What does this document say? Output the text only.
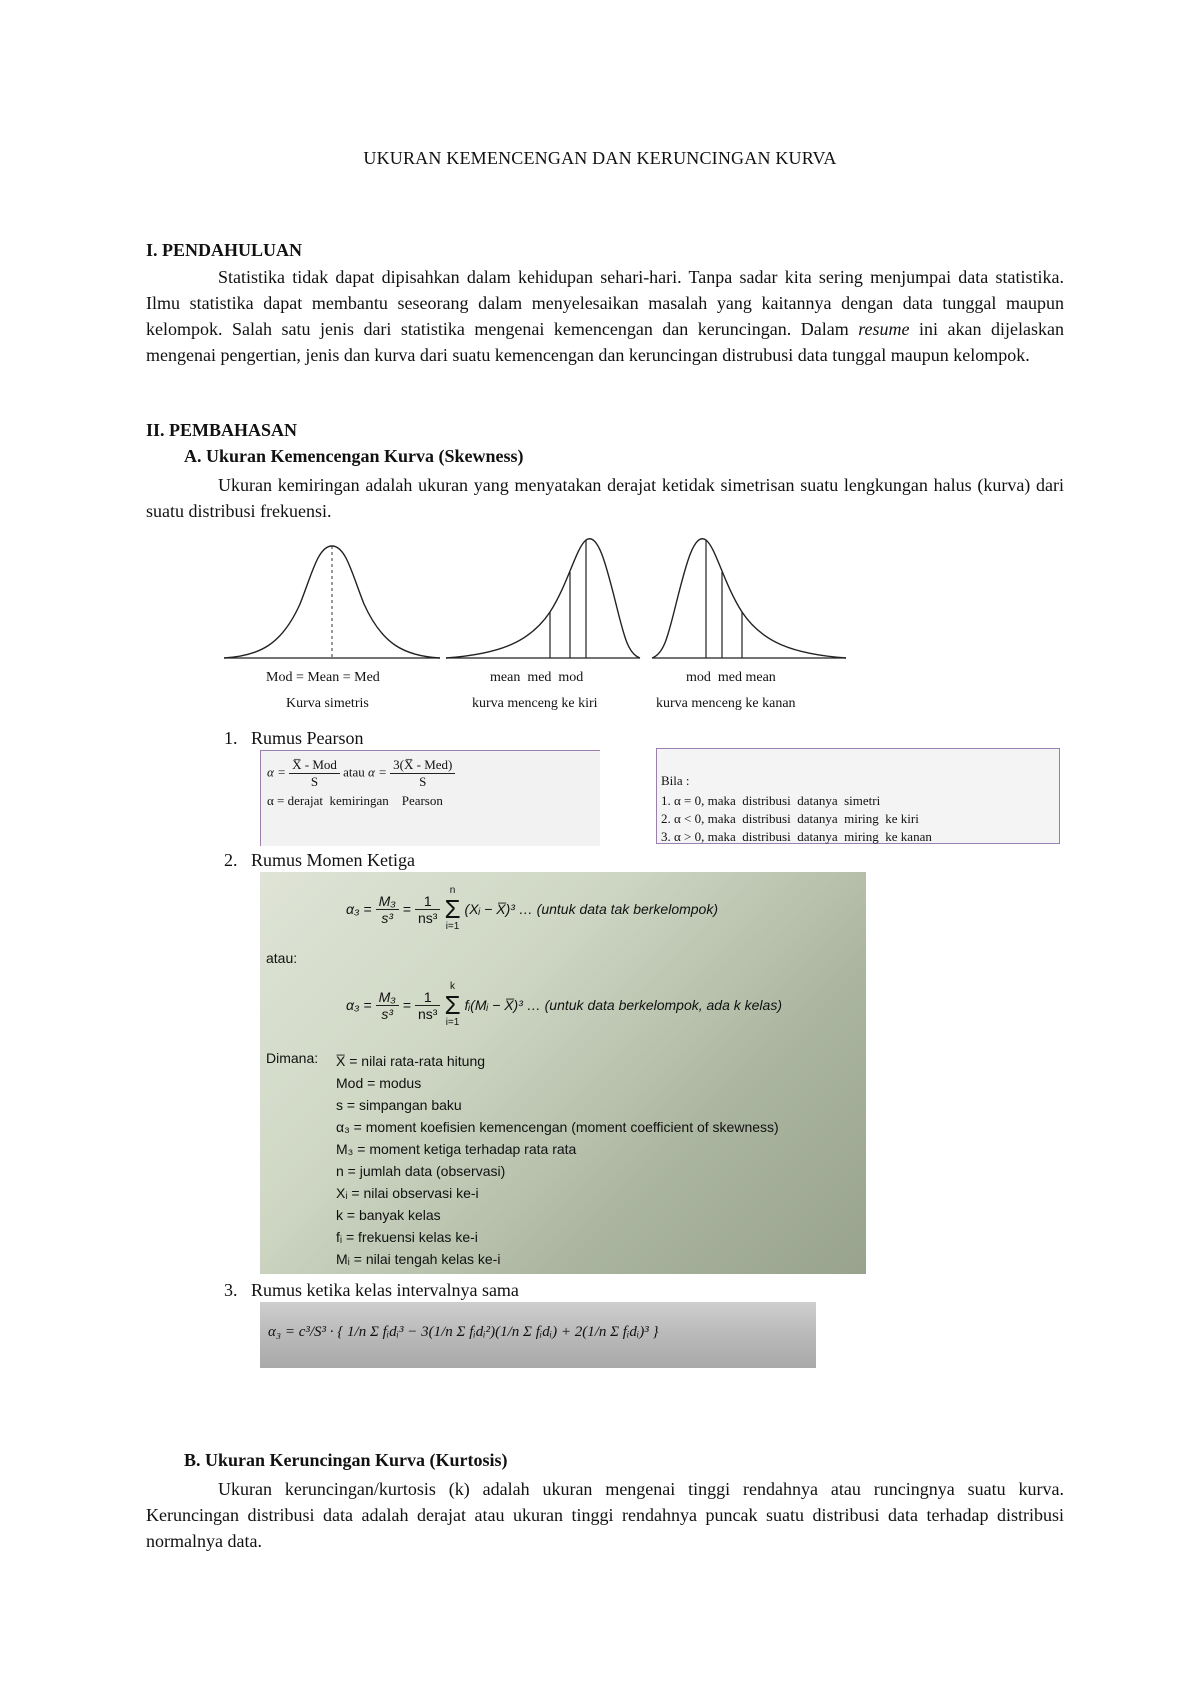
UKURAN KEMENCENGAN DAN KERUNCINGAN KURVA
I. PENDAHULUAN
Statistika tidak dapat dipisahkan dalam kehidupan sehari-hari. Tanpa sadar kita sering menjumpai data statistika. Ilmu statistika dapat membantu seseorang dalam menyelesaikan masalah yang kaitannya dengan data tunggal maupun kelompok. Salah satu jenis dari statistika mengenai kemencengan dan keruncingan. Dalam resume ini akan dijelaskan mengenai pengertian, jenis dan kurva dari suatu kemencengan dan keruncingan distrubusi data tunggal maupun kelompok.
II. PEMBAHASAN
A. Ukuran Kemencengan Kurva (Skewness)
Ukuran kemiringan adalah ukuran yang menyatakan derajat ketidak simetrisan suatu lengkungan halus (kurva) dari suatu distribusi frekuensi.
Mod = Mean = Med
Kurva simetris
mean  med  mod
kurva menceng ke kiri
mod  med mean
kurva menceng ke kanan
1.   Rumus Pearson
α = X̅ - Mod
S
atau α = 3(X̅ - Med)
S
α = derajat  kemiringan    Pearson
Bila :
1. α = 0, maka  distribusi  datanya  simetri
2. α < 0, maka  distribusi  datanya  miring  ke kiri
3. α > 0, maka  distribusi  datanya  miring  ke kanan
2.   Rumus Momen Ketiga
$\alpha_3 = \frac{\text{M₃}}{\text{s³}} = \frac{1}{\text{ns³}}$
n
Σ
i=1
(Xᵢ − X̅)³ … (untuk data tak berkelompok)
atau:
$\alpha_3 = \frac{\text{M₃}}{\text{s³}} = \frac{1}{\text{ns³}}$
k
Σ
i=1
fᵢ(Mᵢ − X̅)³ … (untuk data berkelompok, ada k kelas)
Dimana: X̅ = nilai rata-rata hitung
Mod = modus
s = simpangan baku
α₃ = moment koefisien kemencengan (moment coefficient of skewness)
M₃ = moment ketiga terhadap rata rata
n = jumlah data (observasi)
Xᵢ = nilai observasi ke-i
k = banyak kelas
fᵢ = frekuensi kelas ke-i
Mᵢ = nilai tengah kelas ke-i
3.   Rumus ketika kelas intervalnya sama
α₃ = c³/S³ · { 1/n Σ fᵢdᵢ³ − 3(1/n Σ fᵢdᵢ²)(1/n Σ fᵢdᵢ) + 2(1/n Σ fᵢdᵢ)³ }
B. Ukuran Keruncingan Kurva (Kurtosis)
Ukuran keruncingan/kurtosis (k) adalah ukuran mengenai tinggi rendahnya atau runcingnya suatu kurva. Keruncingan distribusi data adalah derajat atau ukuran tinggi rendahnya puncak suatu distribusi data terhadap distribusi normalnya data.
